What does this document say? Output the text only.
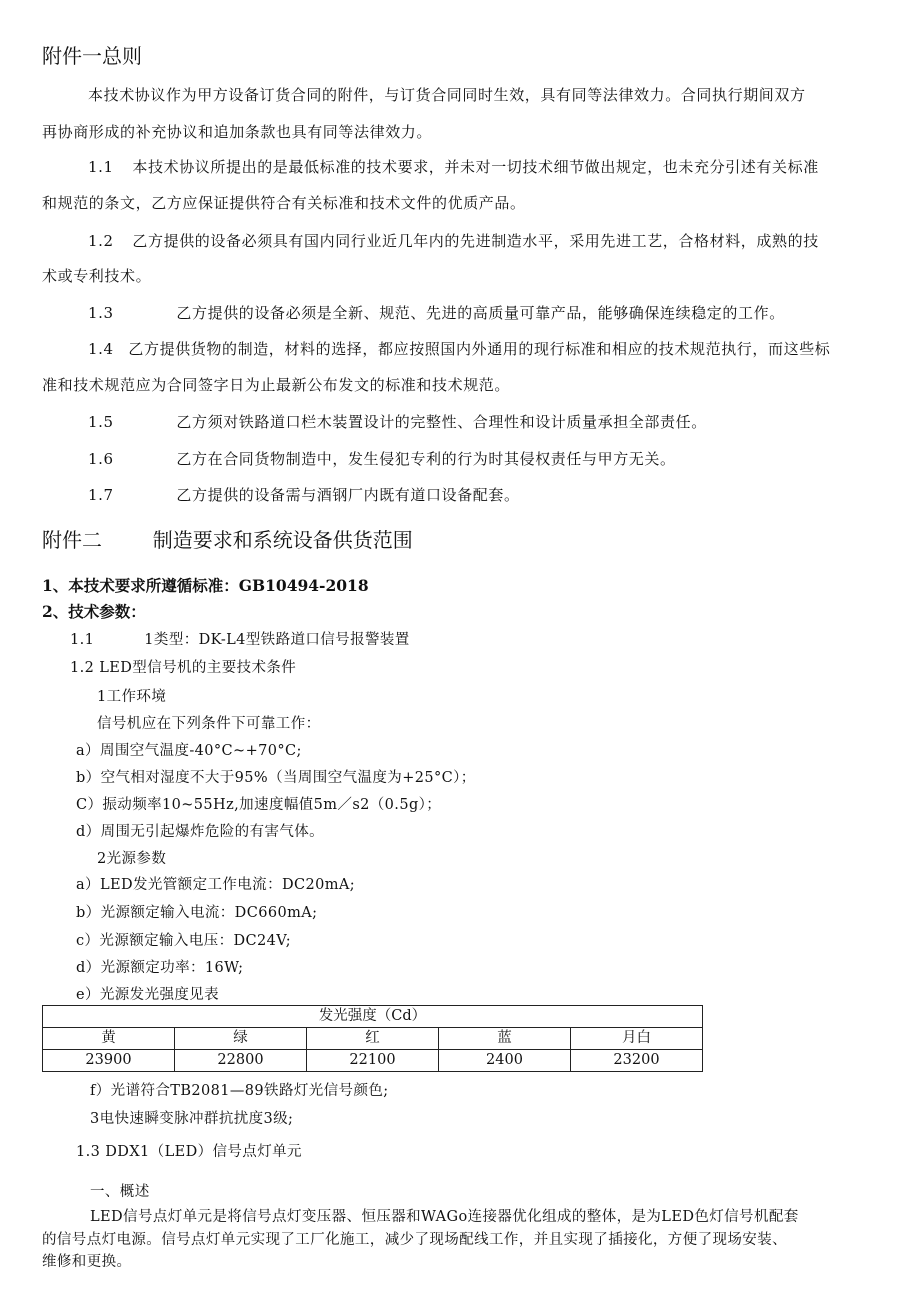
附件一总则
本技术协议作为甲方设备订货合同的附件，与订货合同同时生效，具有同等法律效力。合同执行期间双方
再协商形成的补充协议和追加条款也具有同等法律效力。
1.1 本技术协议所提出的是最低标准的技术要求，并未对一切技术细节做出规定，也未充分引述有关标准
和规范的条文，乙方应保证提供符合有关标准和技术文件的优质产品。
1.2 乙方提供的设备必须具有国内同行业近几年内的先进制造水平，采用先进工艺，合格材料，成熟的技
术或专利技术。
1.3	乙方提供的设备必须是全新、规范、先进的高质量可靠产品，能够确保连续稳定的工作。
1.4 乙方提供货物的制造，材料的选择，都应按照国内外通用的现行标准和相应的技术规范执行，而这些标
准和技术规范应为合同签字日为止最新公布发文的标准和技术规范。
1.5	乙方须对铁路道口栏木装置设计的完整性、合理性和设计质量承担全部责任。
1.6	乙方在合同货物制造中，发生侵犯专利的行为时其侵权责任与甲方无关。
1.7	乙方提供的设备需与酒钢厂内既有道口设备配套。
附件二	制造要求和系统设备供货范围
1、本技术要求所遵循标准：GB10494-2018
2、技术参数：
1.1	1类型：DK-L4型铁路道口信号报警装置
1.2 LED型信号机的主要技术条件
1工作环境
信号机应在下列条件下可靠工作：
a）周围空气温度-40°C~+70°C;
b）空气相对湿度不大于95%（当周围空气温度为+25°C）；
C）振动频率10~55Hz,加速度幅值5m／s2（0.5g）；
d）周围无引起爆炸危险的有害气体。
2光源参数
a）LED发光管额定工作电流：DC20mA;
b）光源额定输入电流：DC660mA;
c）光源额定输入电压：DC24V;
d）光源额定功率：16W;
e）光源发光强度见表
发光强度（Cd）				
黄	绿	红	蓝	月白
23900	22800	22100	2400	23200
f）光谱符合TB2081—89铁路灯光信号颜色;
3电快速瞬变脉冲群抗扰度3级;
1.3 DDX1（LED）信号点灯单元
一、概述
LED信号点灯单元是将信号点灯变压器、恒压器和WAGo连接器优化组成的整体，是为LED色灯信号机配套
的信号点灯电源。信号点灯单元实现了工厂化施工，减少了现场配线工作，并且实现了插接化，方便了现场安装、
维修和更换。
